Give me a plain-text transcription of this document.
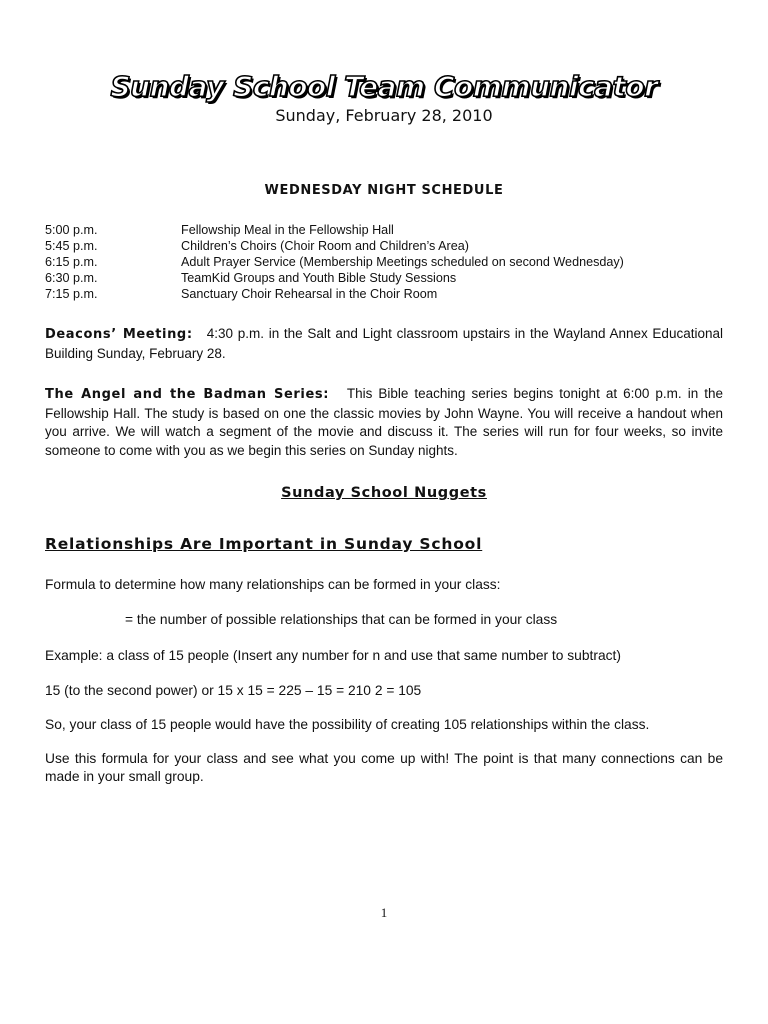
Sunday School Team Communicator
Sunday, February 28, 2010
WEDNESDAY NIGHT SCHEDULE
5:00 p.m.	Fellowship Meal in the Fellowship Hall
5:45 p.m.	Children’s Choirs (Choir Room and Children’s Area)
6:15 p.m.	Adult Prayer Service (Membership Meetings scheduled on second Wednesday)
6:30 p.m.	TeamKid Groups and Youth Bible Study Sessions
7:15 p.m.	Sanctuary Choir Rehearsal in the Choir Room
Deacons’ Meeting: 4:30 p.m. in the Salt and Light classroom upstairs in the Wayland Annex Educational Building Sunday, February 28.
The Angel and the Badman Series: This Bible teaching series begins tonight at 6:00 p.m. in the Fellowship Hall. The study is based on one the classic movies by John Wayne. You will receive a handout when you arrive. We will watch a segment of the movie and discuss it. The series will run for four weeks, so invite someone to come with you as we begin this series on Sunday nights.
Sunday School Nuggets
Relationships Are Important in Sunday School
Formula to determine how many relationships can be formed in your class:
= the number of possible relationships that can be formed in your class
Example: a class of 15 people (Insert any number for n and use that same number to subtract)
15 (to the second power) or 15 x 15 = 225 – 15 = 210 2 = 105
So, your class of 15 people would have the possibility of creating 105 relationships within the class.
Use this formula for your class and see what you come up with! The point is that many connections can be made in your small group.
1
